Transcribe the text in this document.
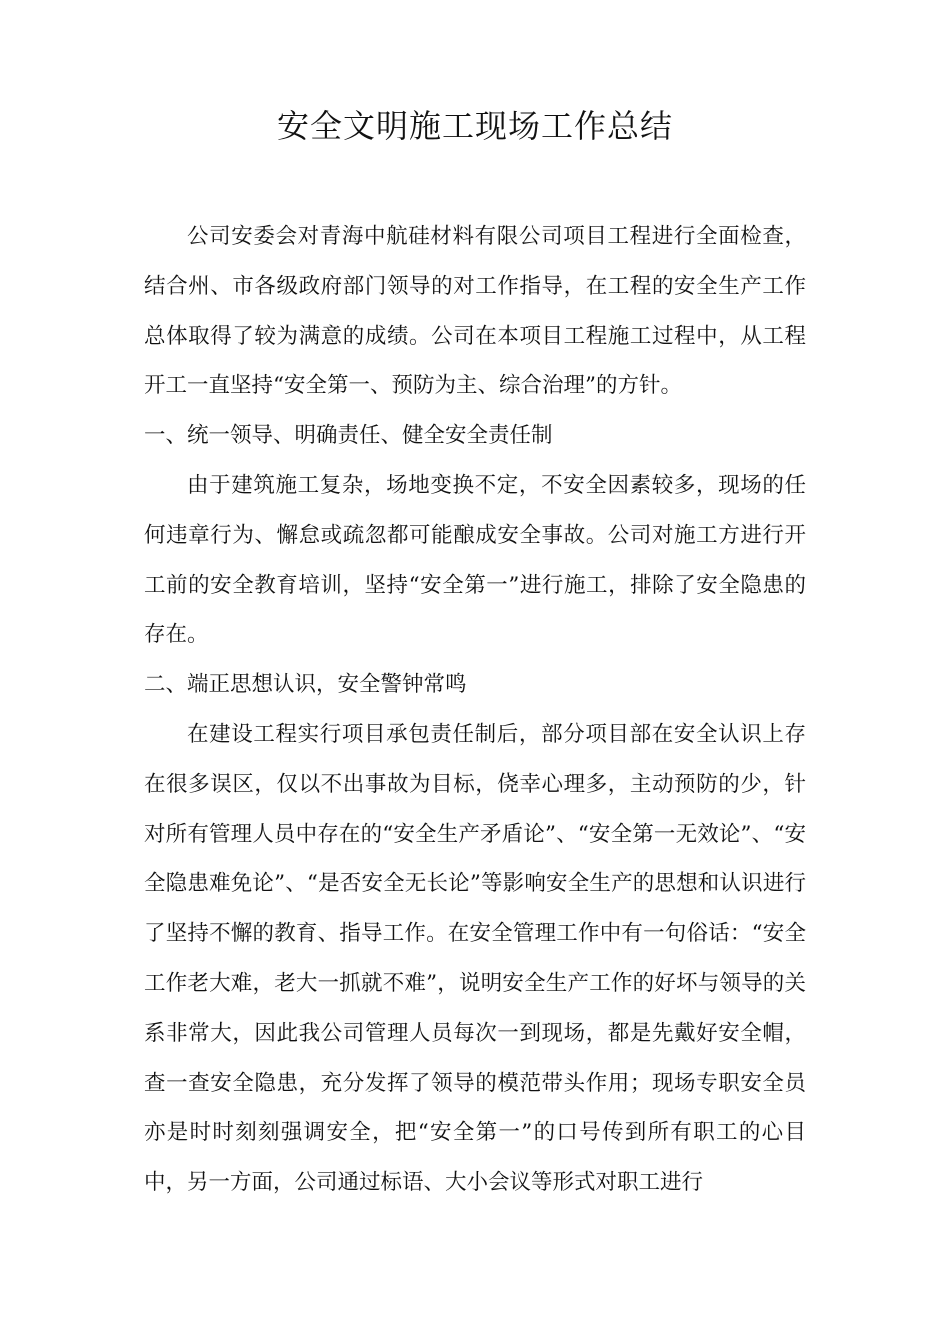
安全文明施工现场工作总结

公司安委会对青海中航硅材料有限公司项目工程进行全面检查，结合州、市各级政府部门领导的对工作指导，在工程的安全生产工作总体取得了较为满意的成绩。公司在本项目工程施工过程中，从工程开工一直坚持“安全第一、预防为主、综合治理”的方针。

一、统一领导、明确责任、健全安全责任制

由于建筑施工复杂，场地变换不定，不安全因素较多，现场的任何违章行为、懈怠或疏忽都可能酿成安全事故。公司对施工方进行开工前的安全教育培训，坚持“安全第一”进行施工，排除了安全隐患的存在。

二、端正思想认识，安全警钟常鸣

在建设工程实行项目承包责任制后，部分项目部在安全认识上存在很多误区，仅以不出事故为目标，侥幸心理多，主动预防的少，针对所有管理人员中存在的“安全生产矛盾论”、“安全第一无效论”、“安全隐患难免论”、“是否安全无长论”等影响安全生产的思想和认识进行了坚持不懈的教育、指导工作。在安全管理工作中有一句俗话：“安全工作老大难，老大一抓就不难”，说明安全生产工作的好坏与领导的关系非常大，因此我公司管理人员每次一到现场，都是先戴好安全帽，查一查安全隐患，充分发挥了领导的模范带头作用；现场专职安全员亦是时时刻刻强调安全，把“安全第一”的口号传到所有职工的心目中，另一方面，公司通过标语、大小会议等形式对职工进行
